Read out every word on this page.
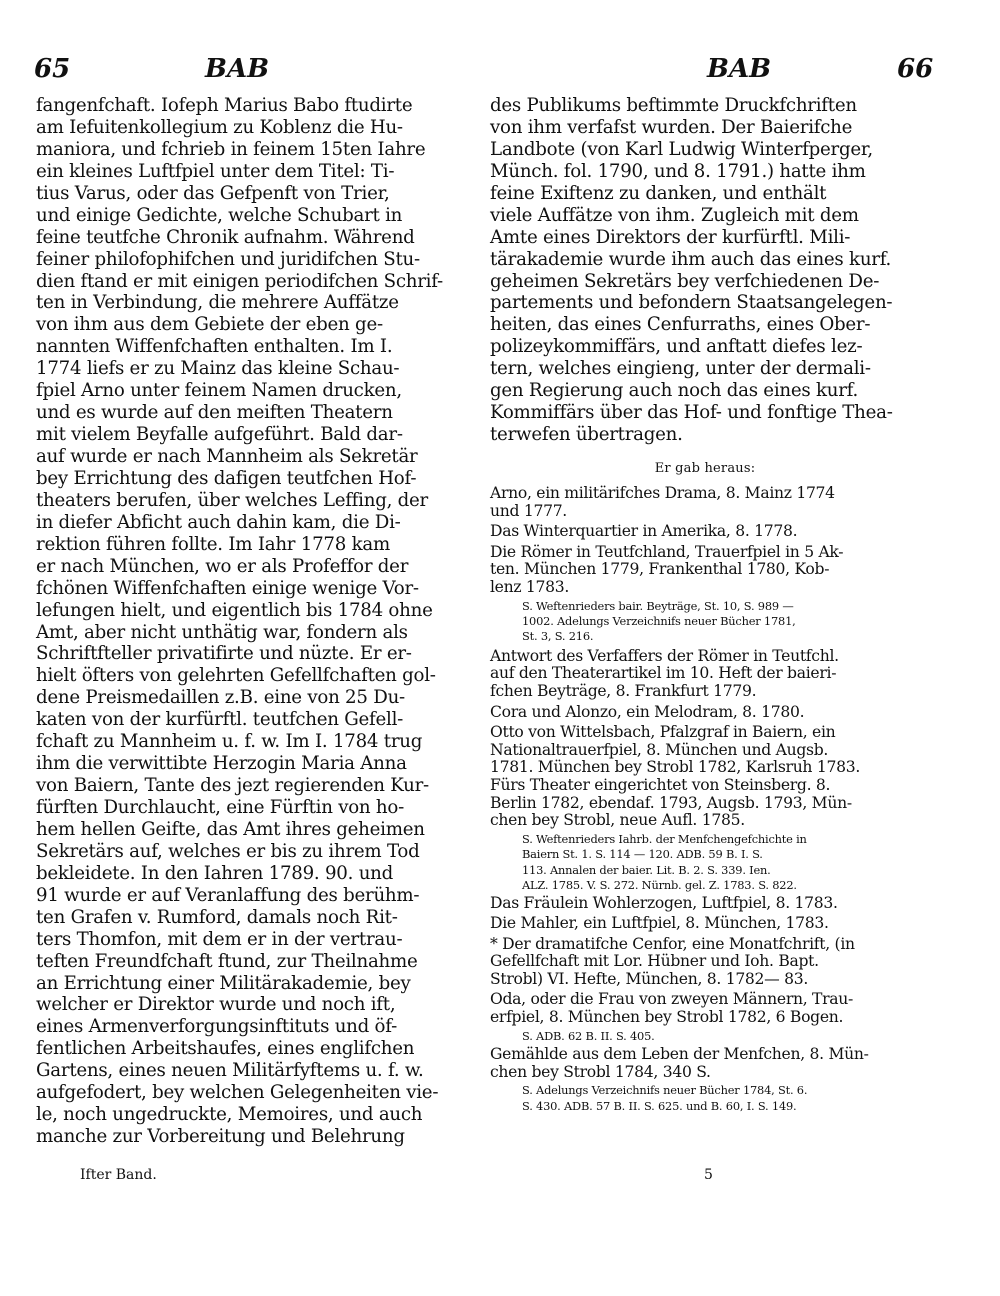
65	BAB	BAB	66
fangenfchaft. Iofeph Marius Babo ftudirte
am Iefuitenkollegium zu Koblenz die Hu-
maniora, und fchrieb in feinem 15ten Iahre
ein kleines Luftfpiel unter dem Titel: Ti-
tius Varus, oder das Gefpenft von Trier,
und einige Gedichte, welche Schubart in
feine teutfche Chronik aufnahm. Während
feiner philofophifchen und juridifchen Stu-
dien ftand er mit einigen periodifchen Schrif-
ten in Verbindung, die mehrere Auffätze
von ihm aus dem Gebiete der eben ge-
nannten Wiffenfchaften enthalten. Im I.
1774 liefs er zu Mainz das kleine Schau-
fpiel Arno unter feinem Namen drucken,
und es wurde auf den meiften Theatern
mit vielem Beyfalle aufgeführt. Bald dar-
auf wurde er nach Mannheim als Sekretär
bey Errichtung des dafigen teutfchen Hof-
theaters berufen, über welches Leffing, der
in diefer Abficht auch dahin kam, die Di-
rektion führen follte. Im Iahr 1778 kam
er nach München, wo er als Profeffor der
fchönen Wiffenfchaften einige wenige Vor-
lefungen hielt, und eigentlich bis 1784 ohne
Amt, aber nicht unthätig war, fondern als
Schriftfteller privatifirte und nüzte. Er er-
hielt öfters von gelehrten Gefellfchaften gol-
dene Preismedaillen z.B. eine von 25 Du-
katen von der kurfürftl. teutfchen Gefell-
fchaft zu Mannheim u. f. w. Im I. 1784 trug
ihm die verwittibte Herzogin Maria Anna
von Baiern, Tante des jezt regierenden Kur-
fürften Durchlaucht, eine Fürftin von ho-
hem hellen Geifte, das Amt ihres geheimen
Sekretärs auf, welches er bis zu ihrem Tod
bekleidete. In den Iahren 1789. 90. und
91 wurde er auf Veranlaffung des berühm-
ten Grafen v. Rumford, damals noch Rit-
ters Thomfon, mit dem er in der vertrau-
teften Freundfchaft ftund, zur Theilnahme
an Errichtung einer Militärakademie, bey
welcher er Direktor wurde und noch ift,
eines Armenverforgungsinftituts und öf-
fentlichen Arbeitshaufes, eines englifchen
Gartens, eines neuen Militärfyftems u. f. w.
aufgefodert, bey welchen Gelegenheiten vie-
le, noch ungedruckte, Memoires, und auch
manche zur Vorbereitung und Belehrung
des Publikums beftimmte Druckfchriften
von ihm verfafst wurden. Der Baierifche
Landbote (von Karl Ludwig Winterfperger,
Münch. fol. 1790, und 8. 1791.) hatte ihm
feine Exiftenz zu danken, und enthält
viele Auffätze von ihm. Zugleich mit dem
Amte eines Direktors der kurfürftl. Mili-
tärakademie wurde ihm auch das eines kurf.
geheimen Sekretärs bey verfchiedenen De-
partements und befondern Staatsangelegen-
heiten, das eines Cenfurraths, eines Ober-
polizeykommiffärs, und anftatt diefes lez-
tern, welches eingieng, unter der dermali-
gen Regierung auch noch das eines kurf.
Kommiffärs über das Hof- und fonftige Thea-
terwefen übertragen.
Er gab heraus:
Arno, ein militärifches Drama, 8. Mainz 1774
und 1777.
Das Winterquartier in Amerika, 8. 1778.
Die Römer in Teutfchland, Trauerfpiel in 5 Ak-
ten. München 1779, Frankenthal 1780, Kob-
lenz 1783.
S. Weftenrieders bair. Beyträge, St. 10, S. 989 —
1002. Adelungs Verzeichnifs neuer Bücher 1781,
St. 3, S. 216.
Antwort des Verfaffers der Römer in Teutfchl.
auf den Theaterartikel im 10. Heft der baieri-
fchen Beyträge, 8. Frankfurt 1779.
Cora und Alonzo, ein Melodram, 8. 1780.
Otto von Wittelsbach, Pfalzgraf in Baiern, ein
Nationaltrauerfpiel, 8. München und Augsb.
1781. München bey Strobl 1782, Karlsruh 1783.
Fürs Theater eingerichtet von Steinsberg. 8.
Berlin 1782, ebendaf. 1793, Augsb. 1793, Mün-
chen bey Strobl, neue Aufl. 1785.
S. Weftenrieders Iahrb. der Menfchengefchichte in
Baiern St. 1. S. 114 — 120. ADB. 59 B. I. S.
113. Annalen der baier. Lit. B. 2. S. 339. Ien.
ALZ. 1785. V. S. 272. Nürnb. gel. Z. 1783. S. 822.
Das Fräulein Wohlerzogen, Luftfpiel, 8. 1783.
Die Mahler, ein Luftfpiel, 8. München, 1783.
* Der dramatifche Cenfor, eine Monatfchrift, (in
Gefellfchaft mit Lor. Hübner und Ioh. Bapt.
Strobl) VI. Hefte, München, 8. 1782— 83.
Oda, oder die Frau von zweyen Männern, Trau-
erfpiel, 8. München bey Strobl 1782, 6 Bogen.
S. ADB. 62 B. II. S. 405.
Gemählde aus dem Leben der Menfchen, 8. Mün-
chen bey Strobl 1784, 340 S.
S. Adelungs Verzeichnifs neuer Bücher 1784, St. 6.
S. 430. ADB. 57 B. II. S. 625. und B. 60, I. S. 149.
Ifter Band.	5
